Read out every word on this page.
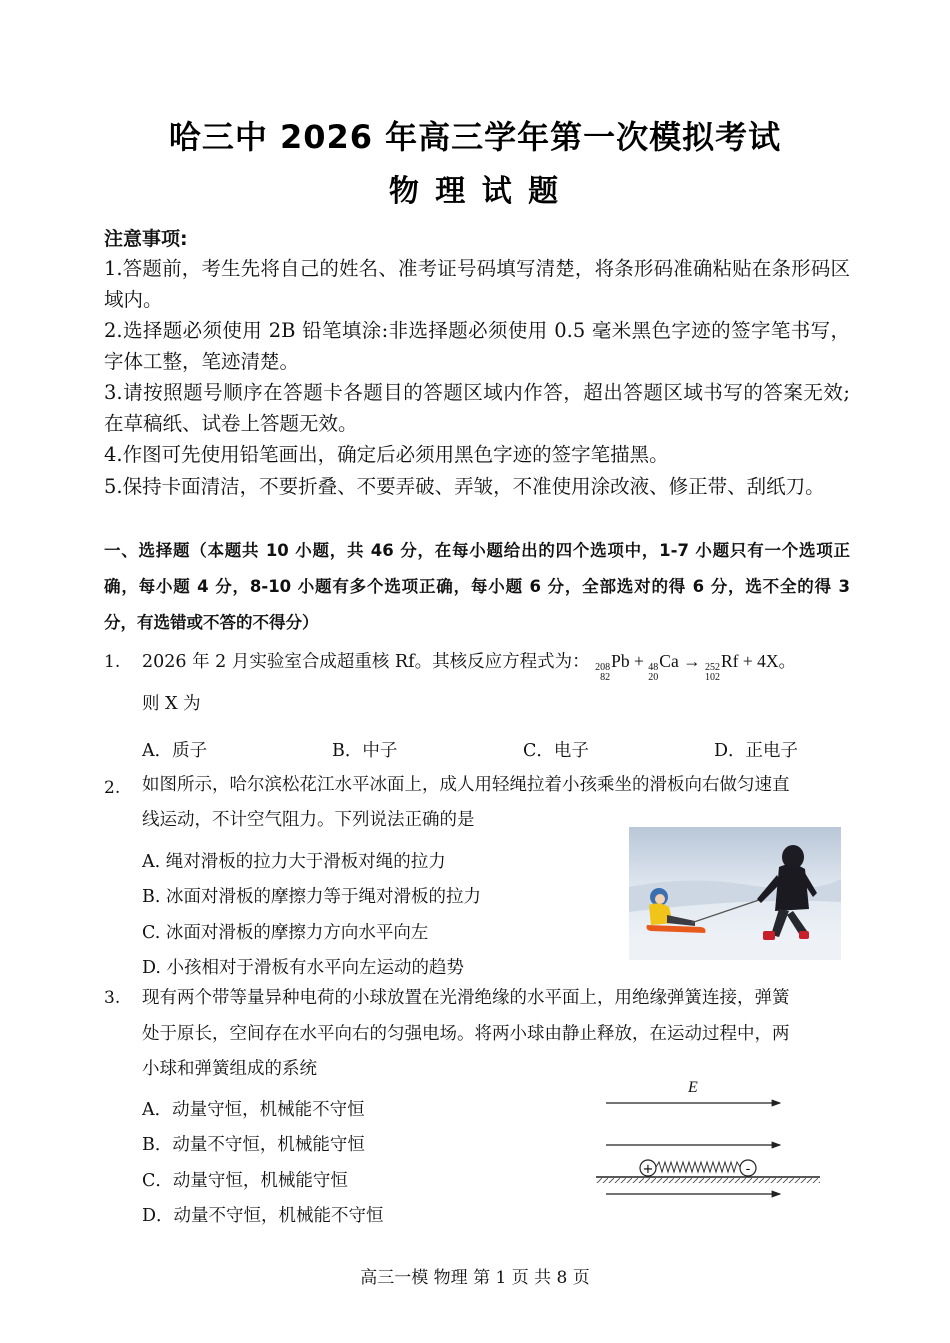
哈三中 2026 年高三学年第一次模拟考试
物 理 试 题
注意事项:
1.答题前，考生先将自己的姓名、准考证号码填写清楚，将条形码准确粘贴在条形码区域内。
2.选择题必须使用 2B 铅笔填涂:非选择题必须使用 0.5 毫米黑色字迹的签字笔书写，字体工整，笔迹清楚。
3.请按照题号顺序在答题卡各题目的答题区域内作答，超出答题区域书写的答案无效;在草稿纸、试卷上答题无效。
4.作图可先使用铅笔画出，确定后必须用黑色字迹的签字笔描黑。
5.保持卡面清洁，不要折叠、不要弄破、弄皱，不准使用涂改液、修正带、刮纸刀。
一、选择题（本题共 10 小题，共 46 分，在每小题给出的四个选项中，1-7 小题只有一个选项正确，每小题 4 分，8-10 小题有多个选项正确，每小题 6 分，全部选对的得 6 分，选不全的得 3 分，有选错或不答的不得分）
1. 2026 年 2 月实验室合成超重核 Rf。其核反应方程式为： 208
82
Pb + 48
20
Ca → 252
102
Rf + 4X。
则 X 为
A．质子	B．中子	C．电子	D．正电子
2. 如图所示，哈尔滨松花江水平冰面上，成人用轻绳拉着小孩乘坐的滑板向右做匀速直
线运动，不计空气阻力。下列说法正确的是
A. 绳对滑板的拉力大于滑板对绳的拉力
B. 冰面对滑板的摩擦力等于绳对滑板的拉力
C. 冰面对滑板的摩擦力方向水平向左
D. 小孩相对于滑板有水平向左运动的趋势
3. 现有两个带等量异种电荷的小球放置在光滑绝缘的水平面上，用绝缘弹簧连接，弹簧
处于原长，空间存在水平向右的匀强电场。将两小球由静止释放，在运动过程中，两
小球和弹簧组成的系统
A．动量守恒，机械能不守恒
B．动量不守恒，机械能守恒
C．动量守恒，机械能守恒
D．动量不守恒，机械能不守恒
E
+	-
高三一模 物理 第 1 页 共 8 页
